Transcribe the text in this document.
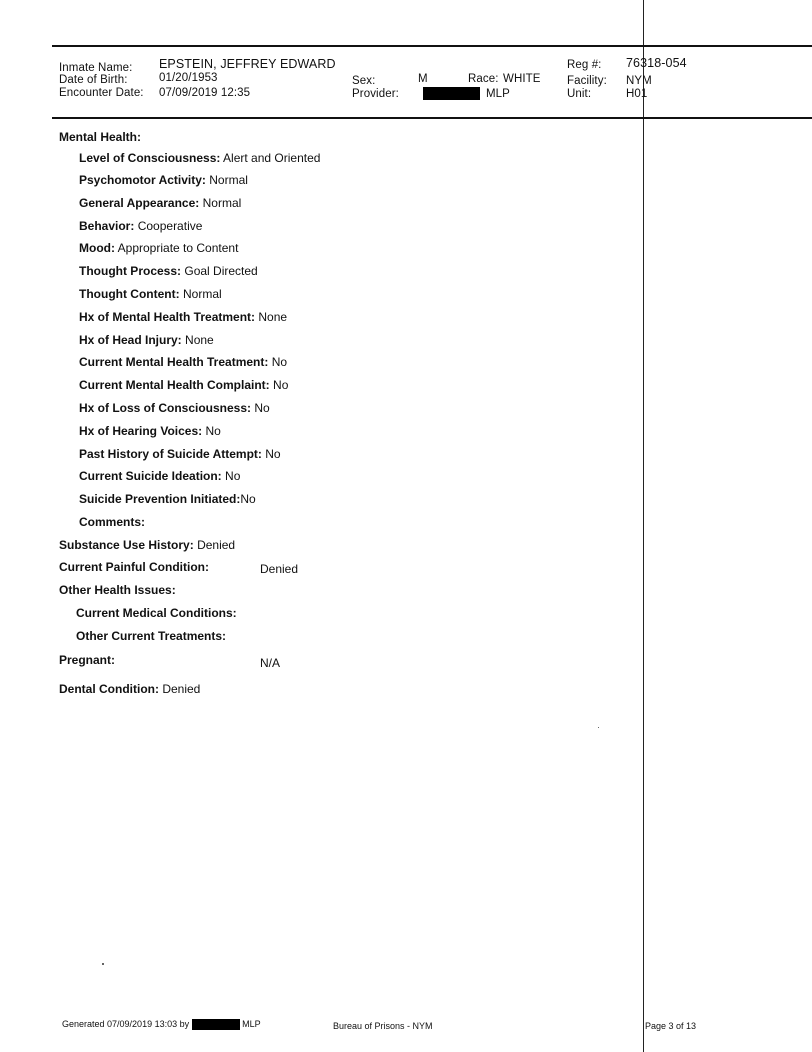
Inmate Name: EPSTEIN, JEFFREY EDWARD
Date of Birth:	01/20/1953
Encounter Date: 07/09/2019 12:35
Sex:	M	Race: WHITE
Provider:	MLP
Reg #: 76318-054
Facility: NYM
Unit:	H01
Mental Health:
Level of Consciousness: Alert and Oriented
Psychomotor Activity: Normal
General Appearance: Normal
Behavior: Cooperative
Mood: Appropriate to Content
Thought Process: Goal Directed
Thought Content: Normal
Hx of Mental Health Treatment: None
Hx of Head Injury: None
Current Mental Health Treatment: No
Current Mental Health Complaint: No
Hx of Loss of Consciousness: No
Hx of Hearing Voices: No
Past History of Suicide Attempt: No
Current Suicide Ideation: No
Suicide Prevention Initiated:No
Comments:
Substance Use History: Denied
Current Painful Condition:	Denied
Other Health Issues:
Current Medical Conditions:
Other Current Treatments:
Pregnant:	N/A
Dental Condition: Denied
Generated 07/09/2019 13:03 by	MLP	Bureau of Prisons - NYM	Page 3 of 13
